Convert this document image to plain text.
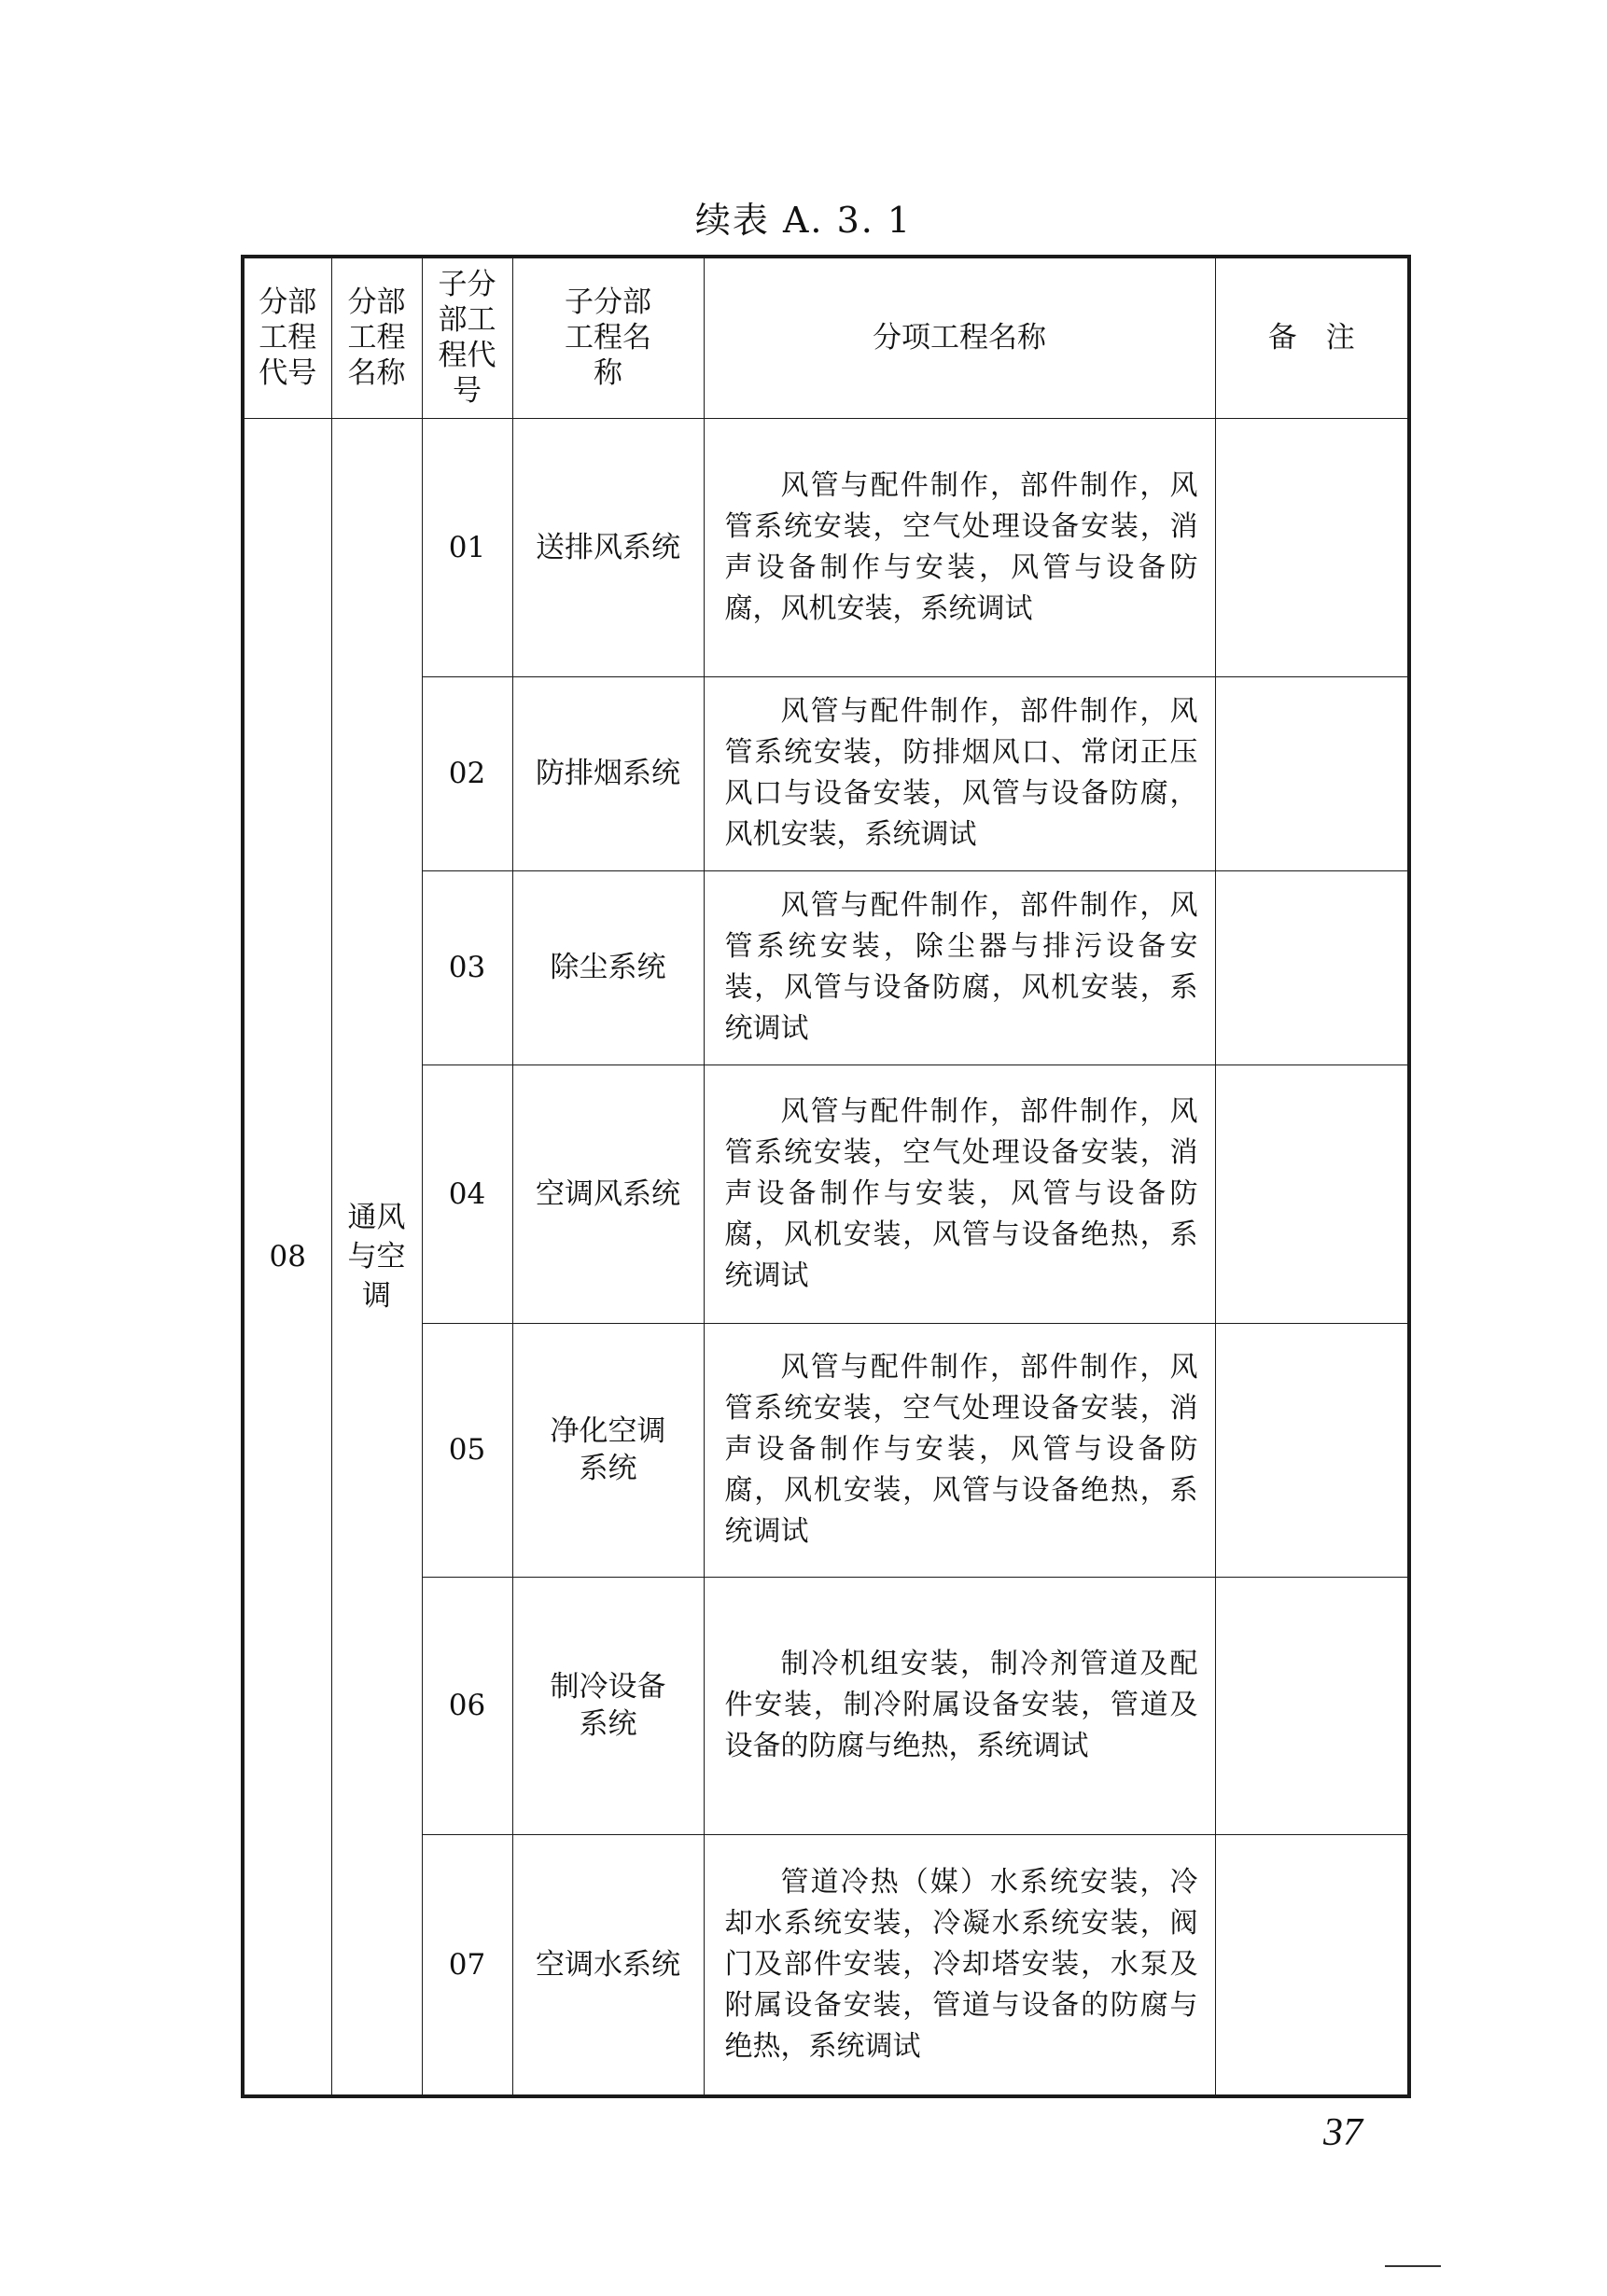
续表 A. 3. 1
分部工程代号	分部工程名称	子分部工程代号	子分部工程名称	分项工程名称	备　注
08	通风与空调	01	送排风系统	风管与配件制作，部件制作，风管系统安装，空气处理设备安装，消声设备制作与安装，风管与设备防腐，风机安装，系统调试	

		02	防排烟系统	风管与配件制作，部件制作，风管系统安装，防排烟风口、常闭正压风口与设备安装，风管与设备防腐，风机安装，系统调试	

		03	除尘系统	风管与配件制作，部件制作，风管系统安装，除尘器与排污设备安装，风管与设备防腐，风机安装，系统调试	

		04	空调风系统	风管与配件制作，部件制作，风管系统安装，空气处理设备安装，消声设备制作与安装，风管与设备防腐，风机安装，风管与设备绝热，系统调试	

		05	净化空调系统	风管与配件制作，部件制作，风管系统安装，空气处理设备安装，消声设备制作与安装，风管与设备防腐，风机安装，风管与设备绝热，系统调试	

		06	制冷设备系统	制冷机组安装，制冷剂管道及配件安装，制冷附属设备安装，管道及设备的防腐与绝热，系统调试	

		07	空调水系统	管道冷热（媒）水系统安装，冷却水系统安装，冷凝水系统安装，阀门及部件安装，冷却塔安装，水泵及附属设备安装，管道与设备的防腐与绝热，系统调试	

37
